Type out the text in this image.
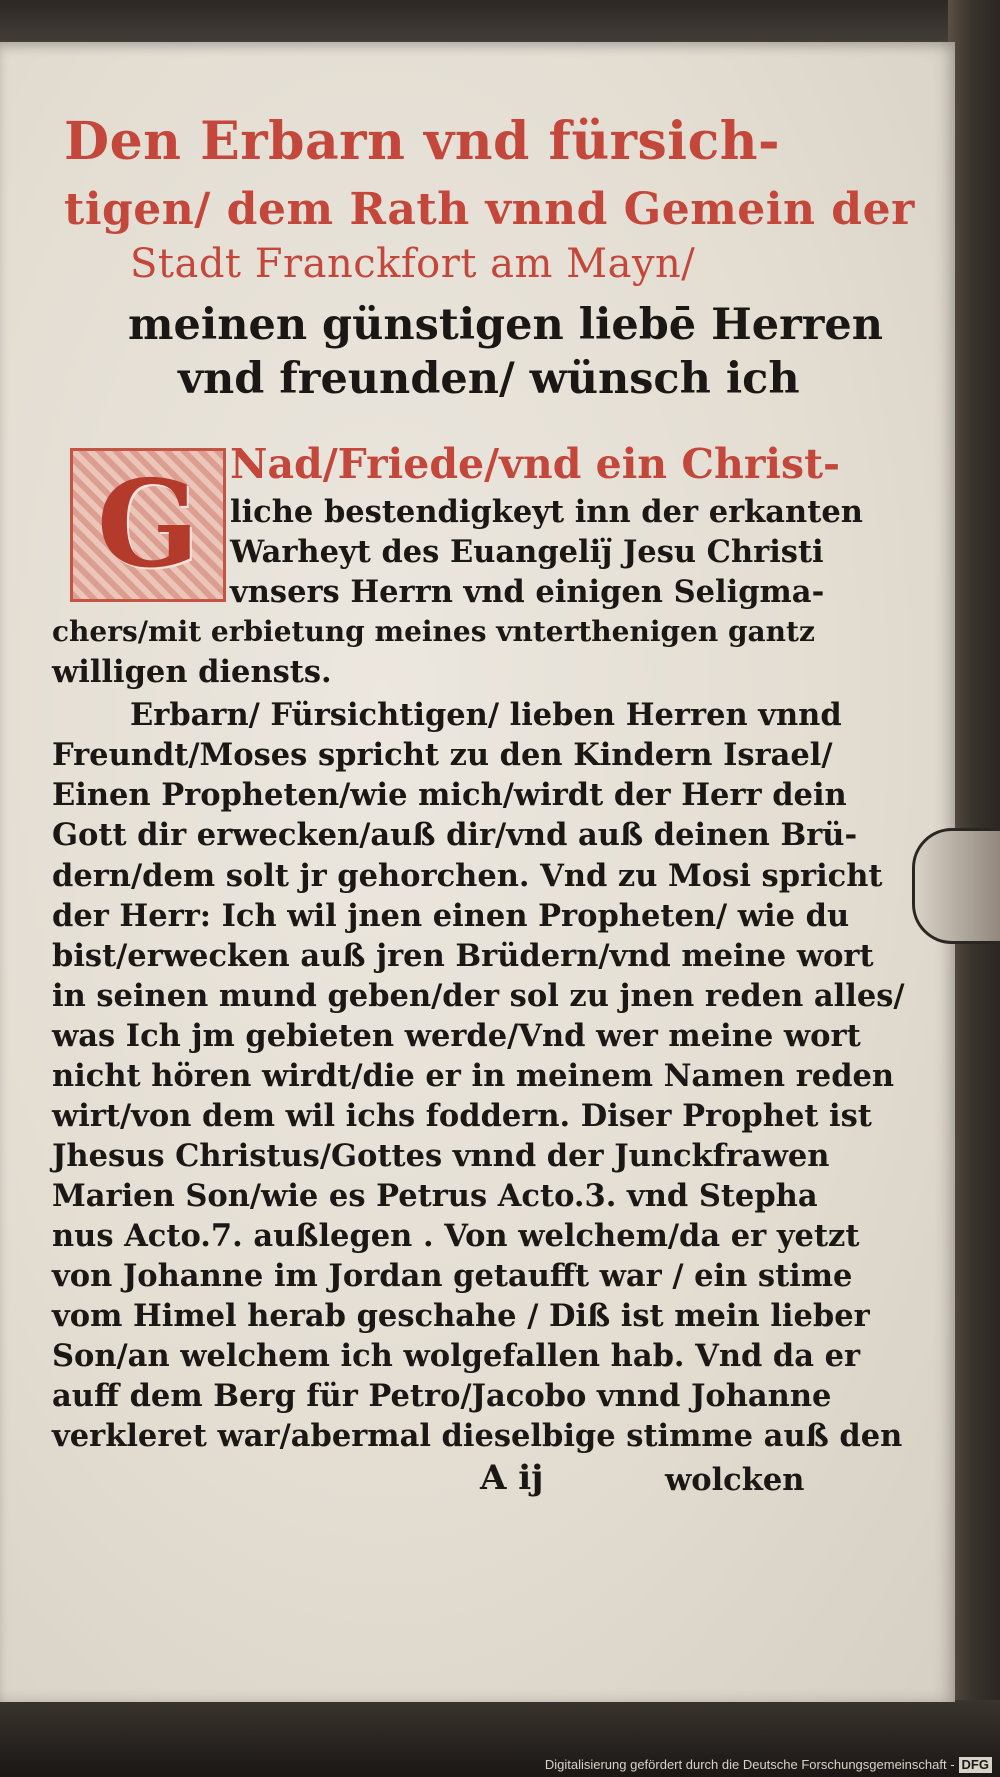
Den Erbarn vnd fürsich-

tigen/ dem Rath vnnd Gemein der

Stadt Franckfort am Mayn/

meinen günstigen liebē Herren

vnd freunden/ wünsch ich

G Nad/Friede/vnd ein Christ-
liche bestendigkeyt inn der erkanten
Warheyt des Euangeliȷ̈ Jesu Christi
vnsers Herrn vnd einigen Seligma-
chers/mit erbietung meines vnterthenigen gantz
willigen diensts.
Erbarn/ Fürsichtigen/ lieben Herren vnnd
Freundt/Moses spricht zu den Kindern Israel/
Einen Propheten/wie mich/wirdt der Herr dein
Gott dir erwecken/auß dir/vnd auß deinen Brü-
dern/dem solt jr gehorchen. Vnd zu Mosi spricht
der Herr: Ich wil jnen einen Propheten/ wie du
bist/erwecken auß jren Brüdern/vnd meine wort
in seinen mund geben/der sol zu jnen reden alles/
was Ich jm gebieten werde/Vnd wer meine wort
nicht hören wirdt/die er in meinem Namen reden
wirt/von dem wil ichs foddern. Diser Prophet ist
Jhesus Christus/Gottes vnnd der Junckfrawen
Marien Son/wie es Petrus Acto.3. vnd Stepha
nus Acto.7. außlegen . Von welchem/da er yetzt
von Johanne im Jordan getaufft war / ein stime
vom Himel herab geschahe / Diß ist mein lieber
Son/an welchem ich wolgefallen hab. Vnd da er
auff dem Berg für Petro/Jacobo vnnd Johanne
verkleret war/abermal dieselbige stimme auß den
A ij	wolcken
Digitalisierung gefördert durch die Deutsche Forschungsgemeinschaft - DFG
